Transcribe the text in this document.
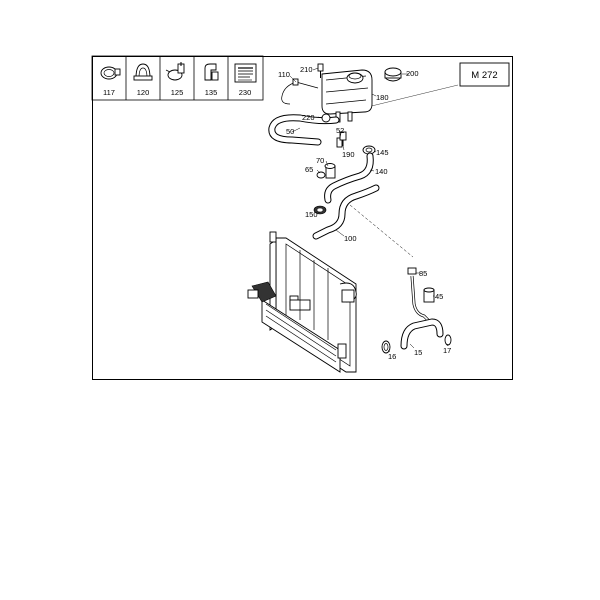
117	120	125	135	230
M 272
210	200
110
180
220
52
50
190	145
70
65	140
150
100
85
45
16 15	17
